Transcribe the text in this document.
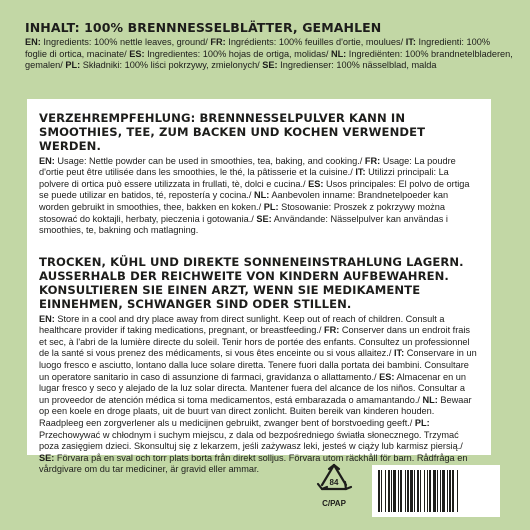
INHALT: 100% BRENNNESSELBLÄTTER, GEMAHLEN

EN: Ingredients: 100% nettle leaves, ground/ FR: Ingrédients: 100% feuilles d'ortie, moulues/ IT: Ingredienti: 100% foglie di ortica, macinate/ ES: Ingredientes: 100% hojas de ortiga, molidas/ NL: Ingrediënten: 100% brandnetelbladeren, gemalen/ PL: Składniki: 100% liści pokrzywy, zmielonych/ SE: Ingredienser: 100% nässelblad, malda

VERZEHREMPFEHLUNG: BRENNNESSELPULVER KANN IN SMOOTHIES, TEE, ZUM BACKEN UND KOCHEN VERWENDET WERDEN.

EN: Usage: Nettle powder can be used in smoothies, tea, baking, and cooking./ FR: Usage: La poudre d'ortie peut être utilisée dans les smoothies, le thé, la pâtisserie et la cuisine./ IT: Utilizzi principali: La polvere di ortica può essere utilizzata in frullati, tè, dolci e cucina./ ES: Usos principales: El polvo de ortiga se puede utilizar en batidos, té, repostería y cocina./ NL: Aanbevolen inname: Brandnetelpoeder kan worden gebruikt in smoothies, thee, bakken en koken./ PL: Stosowanie: Proszek z pokrzywy można stosować do koktajli, herbaty, pieczenia i gotowania./ SE: Användande: Nässelpulver kan användas i smoothies, te, bakning och matlagning.

TROCKEN, KÜHL UND DIREKTE SONNENEINSTRAHLUNG LAGERN. AUSSERHALB DER REICHWEITE VON KINDERN AUFBEWAHREN. KONSULTIEREN SIE EINEN ARZT, WENN SIE MEDIKAMENTE EINNEHMEN, SCHWANGER SIND ODER STILLEN.

EN: Store in a cool and dry place away from direct sunlight. Keep out of reach of children. Consult a healthcare provider if taking medications, pregnant, or breastfeeding./ FR: Conserver dans un endroit frais et sec, à l'abri de la lumière directe du soleil. Tenir hors de portée des enfants. Consultez un professionnel de la santé si vous prenez des médicaments, si vous êtes enceinte ou si vous allaitez./ IT: Conservare in un luogo fresco e asciutto, lontano dalla luce solare diretta. Tenere fuori dalla portata dei bambini. Consultare un operatore sanitario in caso di assunzione di farmaci, gravidanza o allattamento./ ES: Almacenar en un lugar fresco y seco y alejado de la luz solar directa. Mantener fuera del alcance de los niños. Consultar a un proveedor de atención médica si toma medicamentos, está embarazada o amamantando./ NL: Bewaar op een koele en droge plaats, uit de buurt van direct zonlicht. Buiten bereik van kinderen houden. Raadpleeg een zorgverlener als u medicijnen gebruikt, zwanger bent of borstvoeding geeft./ PL: Przechowywać w chłodnym i suchym miejscu, z dala od bezpośredniego światła słonecznego. Trzymać poza zasięgiem dzieci. Skonsultuj się z lekarzem, jeśli zażywasz leki, jesteś w ciąży lub karmisz piersią./ SE: Förvara på en sval och torr plats borta från direkt solljus. Förvara utom räckhåll för barn. Rådfråga en vårdgivare om du tar mediciner, är gravid eller ammar.

84
C/PAP
